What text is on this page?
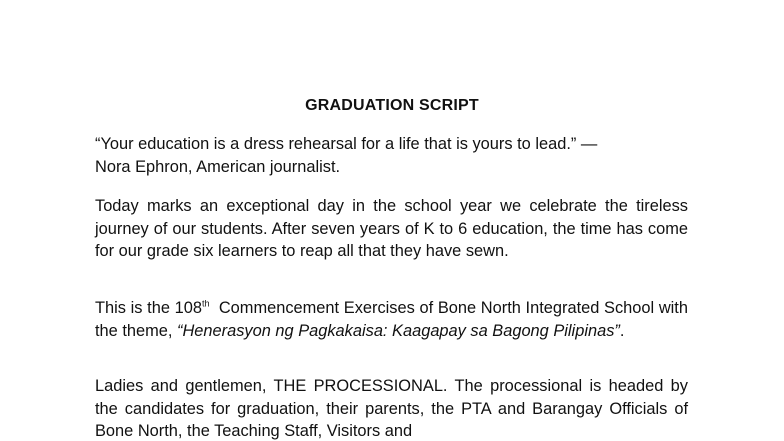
GRADUATION SCRIPT

“Your education is a dress rehearsal for a life that is yours to lead.” —
Nora Ephron, American journalist.

Today marks an exceptional day in the school year we celebrate the tireless journey of our students. After seven years of K to 6 education, the time has come for our grade six learners to reap all that they have sewn.

This is the 108th  Commencement Exercises of Bone North Integrated School with the theme, “Henerasyon ng Pagkakaisa: Kaagapay sa Bagong Pilipinas”.

Ladies and gentlemen, THE PROCESSIONAL. The processional is headed by the candidates for graduation, their parents, the PTA and Barangay Officials of Bone North, the Teaching Staff, Visitors and
